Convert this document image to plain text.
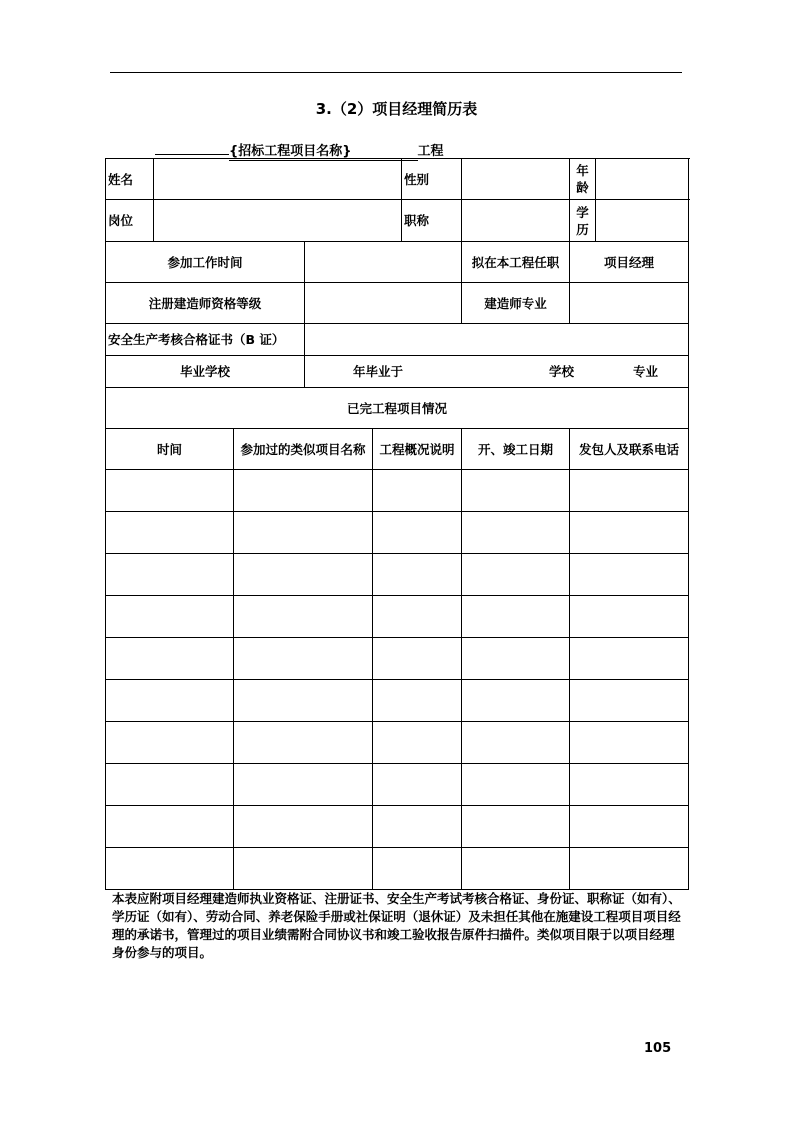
3.（2）项目经理简历表
{招标工程项目名称}	工程
姓名					性别		年龄	
岗位					职称		学历	
参加工作时间						拟在本工程任职	项目经理	
注册建造师资格等级						建造师专业		
安全生产考核合格证书（B 证）								
毕业学校			年毕业于 学校 专业					

已完工程项目情况								
时间		参加过的类似项目名称		工程概况说明		开、竣工日期	发包人及联系电话	

本表应附项目经理建造师执业资格证、注册证书、安全生产考试考核合格证、身份证、职称证（如有）、学历证（如有）、劳动合同、养老保险手册或社保证明（退休证）及未担任其他在施建设工程项目项目经理的承诺书，管理过的项目业绩需附合同协议书和竣工验收报告原件扫描件。类似项目限于以项目经理身份参与的项目。
105
